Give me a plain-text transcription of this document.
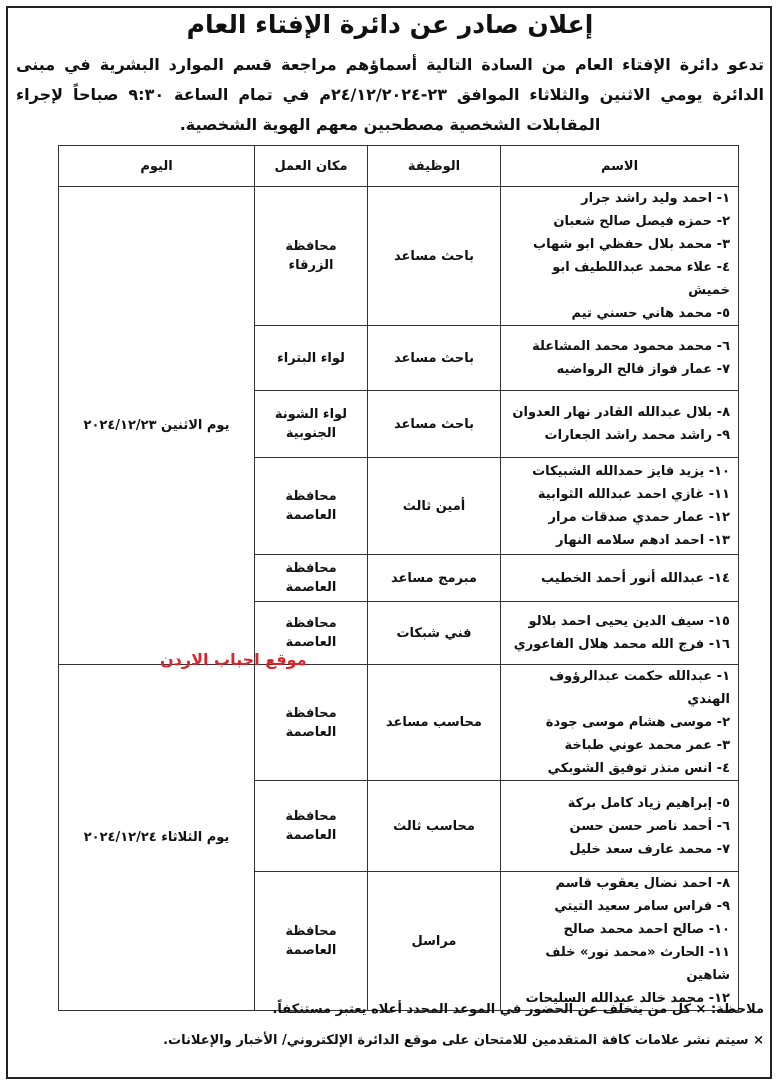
إعلان صادر عن دائرة الإفتاء العام
تدعو دائرة الإفتاء العام من السادة التالية أسماؤهم مراجعة قسم الموارد البشرية في مبنى الدائرة يومي الاثنين والثلاثاء الموافق ٢٣-٢٤/١٢/٢٠٢٤م في تمام الساعة ٩:٣٠ صباحاً لإجراء المقابلات الشخصية مصطحبين معهم الهوية الشخصية.
الاسم	الوظيفة	مكان العمل	اليوم

١- احمد وليد راشد جرار
٢- حمزه فيصل صالح شعبان
٣- محمد بلال حفظي ابو شهاب
٤- علاء محمد عبداللطيف ابو خميش
٥- محمد هاني حسني تيم	باحث مساعد	محافظة الزرقاء	يوم الاثنين ٢٠٢٤/١٢/٢٣

٦- محمد محمود محمد المشاعلة
٧- عمار فواز فالح الرواضيه	باحث مساعد	لواء البتراء	

٨- بلال عبدالله القادر نهار العدوان
٩- راشد محمد راشد الجعارات	باحث مساعد	لواء الشونة الجنوبية	

١٠- يزيد فايز حمدالله الشبيكات
١١- غازي احمد عبدالله الثوابية
١٢- عمار حمدي صدقات مرار
١٣- احمد ادهم سلامه النهار	أمين ثالث	محافظة العاصمة	

١٤- عبدالله أنور أحمد الخطيب	مبرمج مساعد	محافظة العاصمة	

١٥- سيف الدين يحيى احمد بلالو
١٦- فرج الله محمد هلال الفاعوري	فني شبكات	محافظة العاصمة	

١- عبدالله حكمت عبدالرؤوف الهندي
٢- موسى هشام موسى جودة
٣- عمر محمد عوني طباخة
٤- انس منذر توفيق الشوبكي	محاسب مساعد	محافظة العاصمة	يوم الثلاثاء ٢٠٢٤/١٢/٢٤

٥- إبراهيم زياد كامل بركة
٦- أحمد ناصر حسن حسن
٧- محمد عارف سعد خليل	محاسب ثالث	محافظة العاصمة	

٨- احمد نضال يعقوب قاسم
٩- فراس سامر سعيد التيتي
١٠- صالح احمد محمد صالح
١١- الحارث «محمد نور» خلف شاهين
١٢- محمد خالد عبدالله السليحات	مراسل	محافظة العاصمة	
موقع احباب الاردن
ملاحظة: × كل من يتخلف عن الحضور في الموعد المحدد أعلاه يعتبر مستنكفاً.
× سيتم نشر علامات كافة المتقدمين للامتحان على موقع الدائرة الإلكتروني/ الأخبار والإعلانات.
